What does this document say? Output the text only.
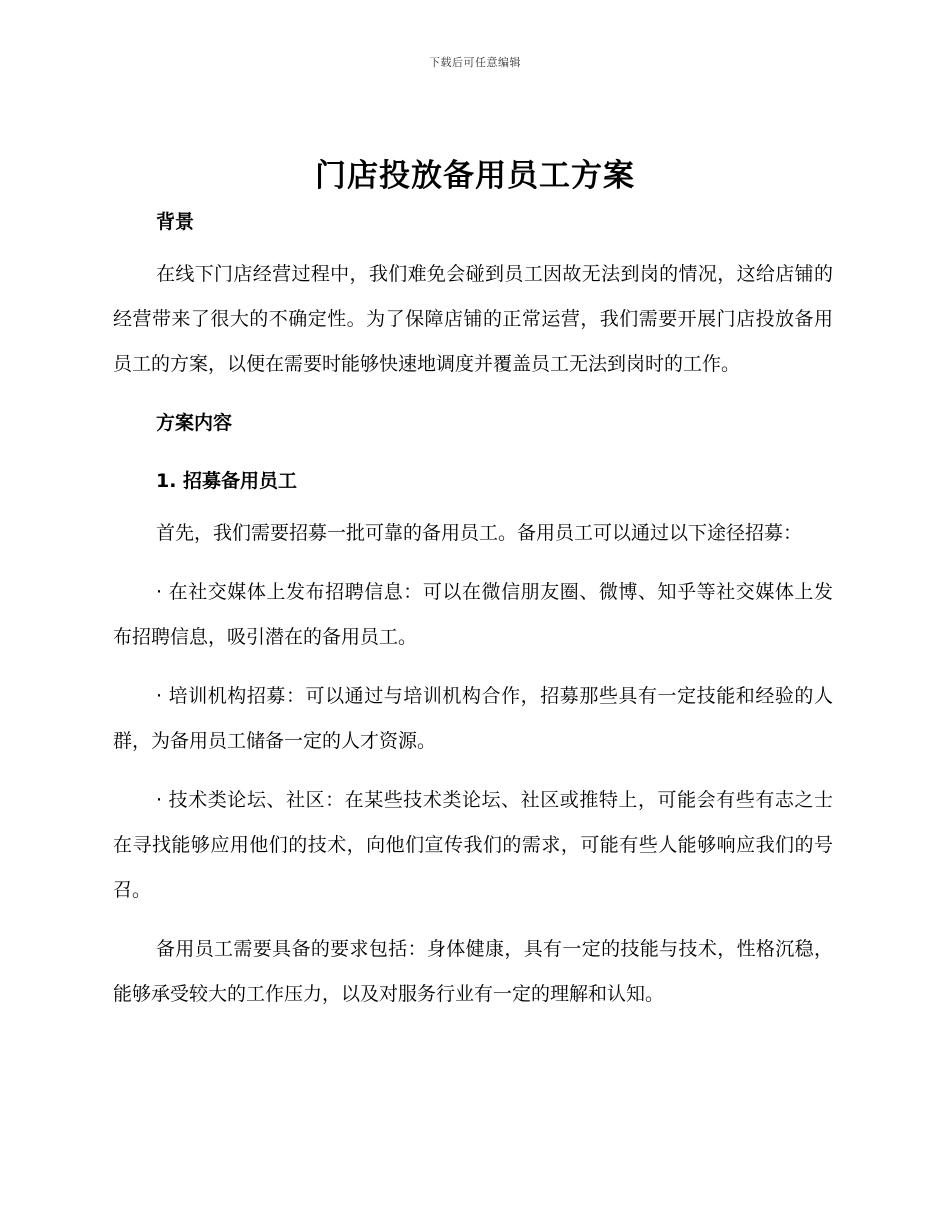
下载后可任意编辑
门店投放备用员工方案

背景

在线下门店经营过程中，我们难免会碰到员工因故无法到岗的情况，这给店铺的经营带来了很大的不确定性。为了保障店铺的正常运营，我们需要开展门店投放备用员工的方案，以便在需要时能够快速地调度并覆盖员工无法到岗时的工作。

方案内容

1. 招募备用员工

首先，我们需要招募一批可靠的备用员工。备用员工可以通过以下途径招募：

· 在社交媒体上发布招聘信息：可以在微信朋友圈、微博、知乎等社交媒体上发布招聘信息，吸引潜在的备用员工。

· 培训机构招募：可以通过与培训机构合作，招募那些具有一定技能和经验的人群，为备用员工储备一定的人才资源。

· 技术类论坛、社区：在某些技术类论坛、社区或推特上，可能会有些有志之士在寻找能够应用他们的技术，向他们宣传我们的需求，可能有些人能够响应我们的号召。

备用员工需要具备的要求包括：身体健康，具有一定的技能与技术，性格沉稳，能够承受较大的工作压力，以及对服务行业有一定的理解和认知。
